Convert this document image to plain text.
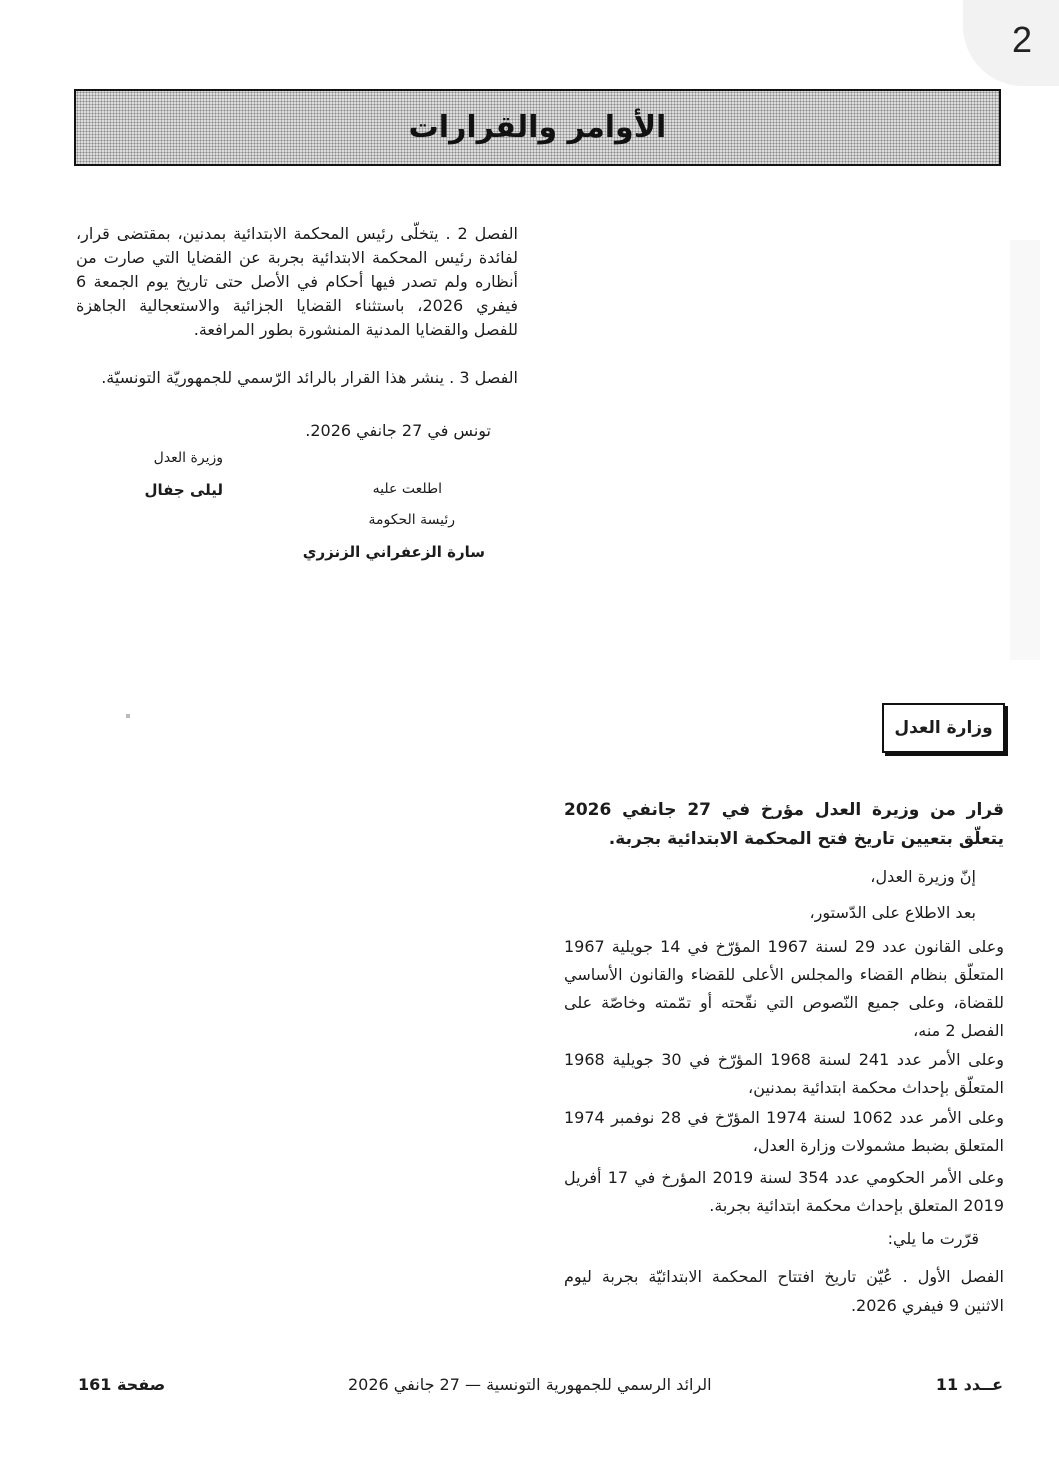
2
الأوامر والقرارات
الفصل 2 . يتخلّى رئيس المحكمة الابتدائية بمدنين، بمقتضى قرار، لفائدة رئيس المحكمة الابتدائية بجربة عن القضايا التي صارت من أنظاره ولم تصدر فيها أحكام في الأصل حتى تاريخ يوم الجمعة 6 فيفري 2026، باستثناء القضايا الجزائية والاستعجالية الجاهزة للفصل والقضايا المدنية المنشورة بطور المرافعة.
الفصل 3 . ينشر هذا القرار بالرائد الرّسمي للجمهوريّة التونسيّة.
تونس في 27 جانفي 2026.
وزيرة العدل
ليلى جفال	اطلعت عليه
رئيسة الحكومة
سارة الزعفراني الزنزري
وزارة العدل
قرار من وزيرة العدل مؤرخ في 27 جانفي 2026 يتعلّق بتعيين تاريخ فتح المحكمة الابتدائية بجربة.
إنّ وزيرة العدل،
بعد الاطلاع على الدّستور،
وعلى القانون عدد 29 لسنة 1967 المؤرّخ في 14 جويلية 1967 المتعلّق بنظام القضاء والمجلس الأعلى للقضاء والقانون الأساسي للقضاة، وعلى جميع النّصوص التي نقّحته أو تمّمته وخاصّة على الفصل 2 منه،
وعلى الأمر عدد 241 لسنة 1968 المؤرّخ في 30 جويلية 1968 المتعلّق بإحداث محكمة ابتدائية بمدنين،
وعلى الأمر عدد 1062 لسنة 1974 المؤرّخ في 28 نوفمبر 1974 المتعلق بضبط مشمولات وزارة العدل،
وعلى الأمر الحكومي عدد 354 لسنة 2019 المؤرخ في 17 أفريل 2019 المتعلق بإحداث محكمة ابتدائية بجربة.
قرّرت ما يلي:
الفصل الأول . عُيّن تاريخ افتتاح المحكمة الابتدائيّة بجربة ليوم الاثنين 9 فيفري 2026.
عــدد 11
الرائد الرسمي للجمهورية التونسية — 27 جانفي 2026
صفحة 161
